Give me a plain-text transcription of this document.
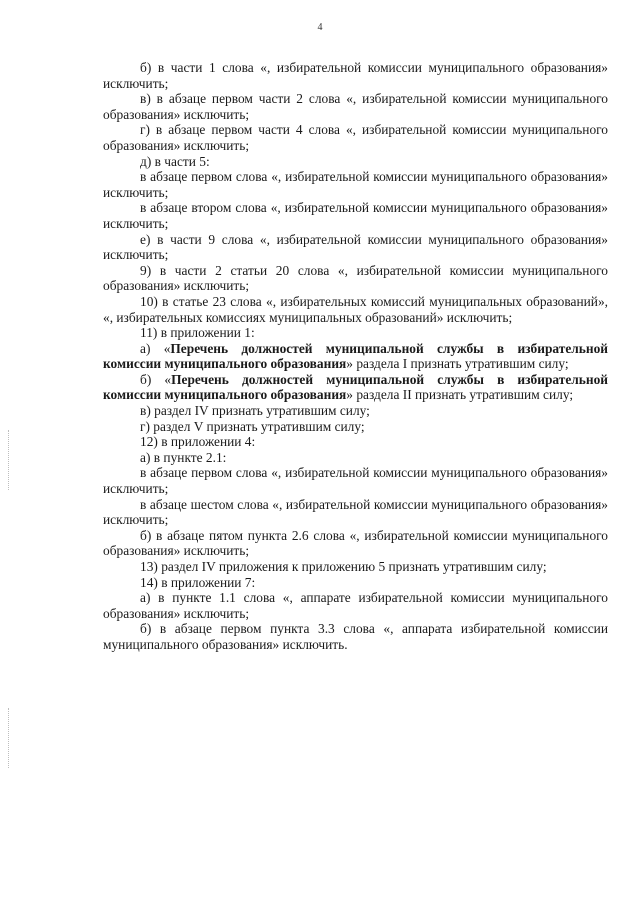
4

б) в части 1 слова «, избирательной комиссии муниципального образования» исключить;

в) в абзаце первом части 2 слова «, избирательной комиссии муниципального образования» исключить;

г) в абзаце первом части 4 слова «, избирательной комиссии муниципального образования» исключить;

д) в части 5:

в абзаце первом слова «, избирательной комиссии муниципального образования» исключить;

в абзаце втором слова «, избирательной комиссии муниципального образования» исключить;

е) в части 9 слова «, избирательной комиссии муниципального образования» исключить;

9) в части 2 статьи 20 слова «, избирательной комиссии муниципального образования» исключить;

10) в статье 23 слова «, избирательных комиссий муниципальных образований», «, избирательных комиссиях муниципальных образований» исключить;

11) в приложении 1:

а) «Перечень должностей муниципальной службы в избирательной комиссии муниципального образования» раздела I признать утратившим силу;

б) «Перечень должностей муниципальной службы в избирательной комиссии муниципального образования» раздела II признать утратившим силу;

в) раздел IV признать утратившим силу;

г) раздел V признать утратившим силу;

12) в приложении 4:

а) в пункте 2.1:

в абзаце первом слова «, избирательной комиссии муниципального образования» исключить;

в абзаце шестом слова «, избирательной комиссии муниципального образования» исключить;

б) в абзаце пятом пункта 2.6 слова «, избирательной комиссии муниципального образования» исключить;

13) раздел IV приложения к приложению 5 признать утратившим силу;

14) в приложении 7:

а) в пункте 1.1 слова «, аппарате избирательной комиссии муниципального образования» исключить;

б) в абзаце первом пункта 3.3 слова «, аппарата избирательной комиссии муниципального образования» исключить.
